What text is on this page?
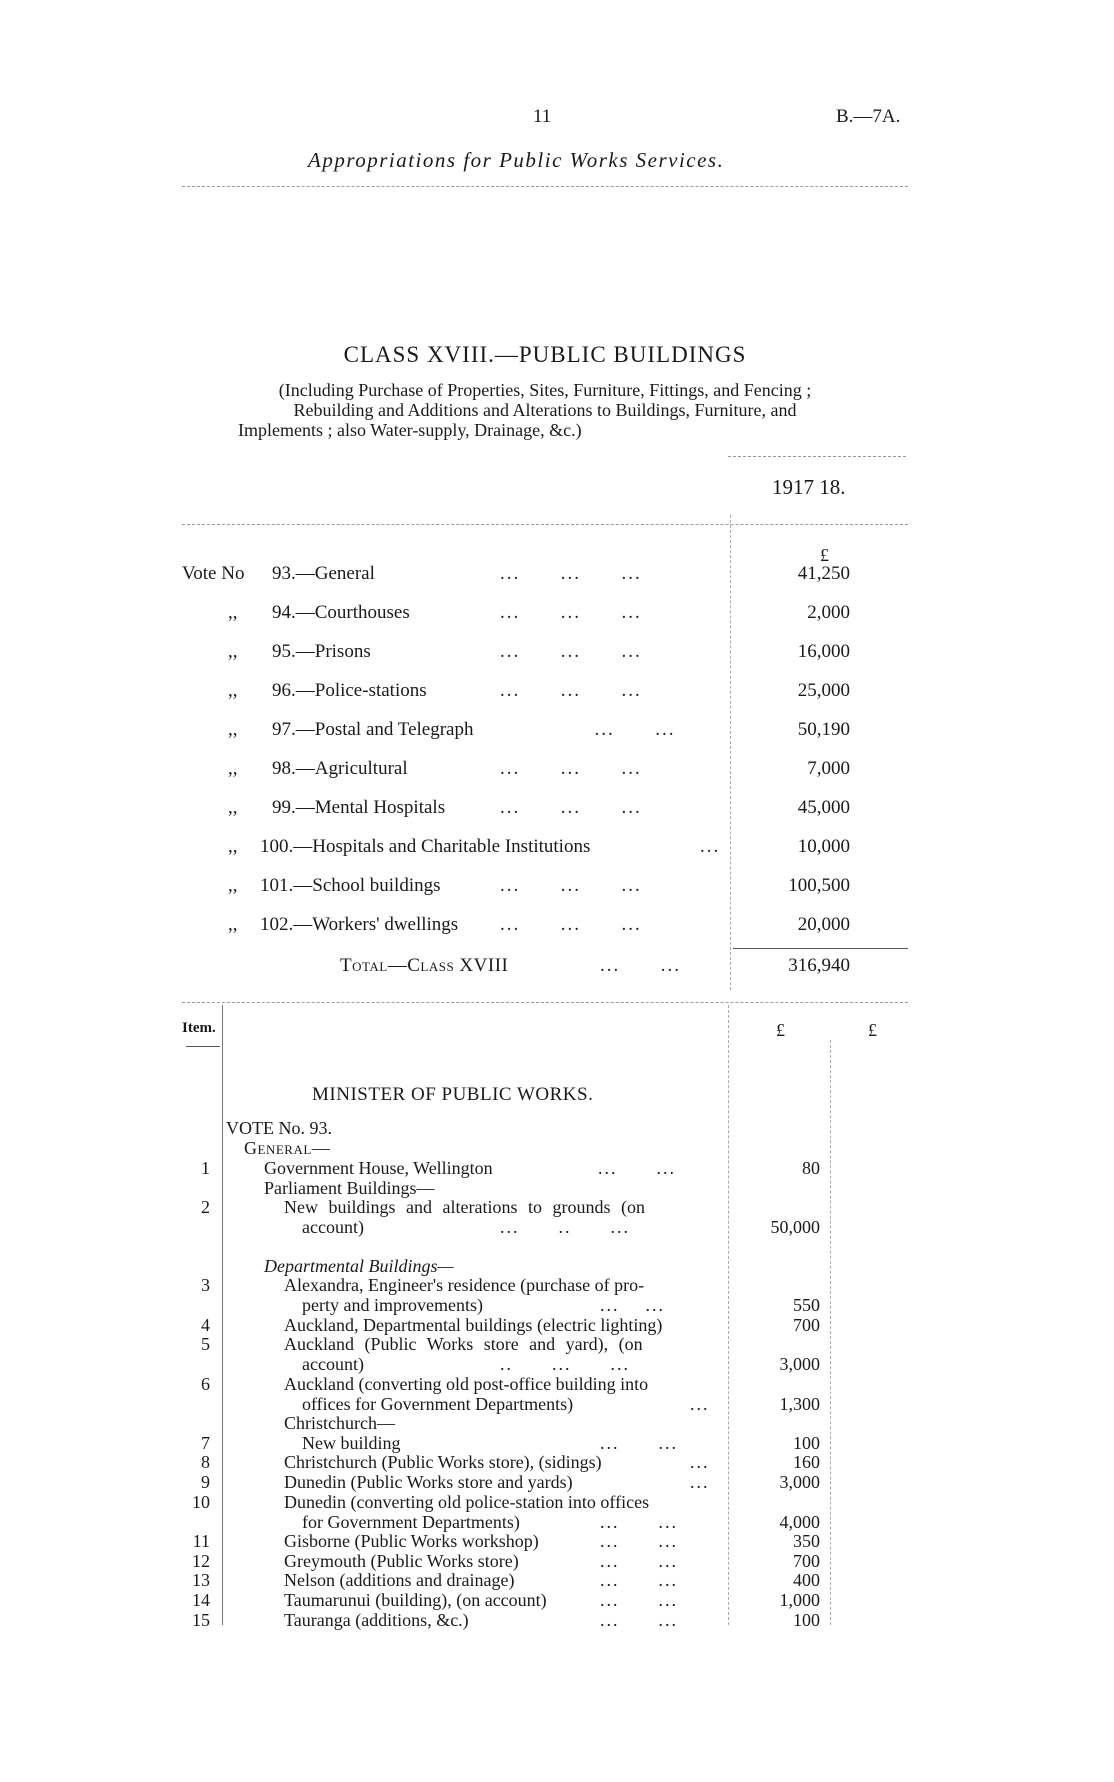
11	B.—7A.
Appropriations for Public Works Services.
CLASS XVIII.—PUBLIC BUILDINGS
(Including Purchase of Properties, Sites, Furniture, Fittings, and Fencing ;
Rebuilding and Additions and Alterations to Buildings, Furniture, and
Implements ; also Water-supply, Drainage, &c.)
1917 18.
£
Vote No 93.—General	...      ...      ...	41,250
,, 94.—Courthouses	...      ...      ...	2,000
,, 95.—Prisons	...      ...      ...	16,000
,, 96.—Police-stations	...      ...      ...	25,000
,, 97.—Postal and Telegraph ...      ...	50,190
,, 98.—Agricultural	...      ...      ...	7,000
,, 99.—Mental Hospitals	...      ...      ...	45,000
,, 100.—Hospitals and Charitable Institutions	...	10,000
,, 101.—School buildings	...      ...      ...	100,500
,, 102.—Workers' dwellings ...      ...      ...	20,000
Total—Class XVIII	...      ...	316,940
Item.	£	£
MINISTER OF PUBLIC WORKS.
VOTE No. 93.
General—
1	Government House, Wellington	...      ...	80
Parliament Buildings—
2	New buildings and alterations to grounds (on
account)	...      ..      ...	50,000
Departmental Buildings—
3	Alexandra, Engineer's residence (purchase of pro-
perty and improvements)	...    ...	550
4	Auckland, Departmental buildings (electric lighting)	700
5	Auckland (Public Works store and yard), (on
account)	..      ...      ...	3,000
6	Auckland (converting old post-office building into
offices for Government Departments)	...	1,300
Christchurch—
7	New building	...      ...	100
8	Christchurch (Public Works store), (sidings)	...	160
9	Dunedin (Public Works store and yards)	...	3,000
10	Dunedin (converting old police-station into offices
for Government Departments)	...      ...	4,000
11	Gisborne (Public Works workshop)	...      ...	350
12	Greymouth (Public Works store)	...      ...	700
13	Nelson (additions and drainage)	...      ...	400
14	Taumarunui (building), (on account)	...      ...	1,000
15	Tauranga (additions, &c.)	...      ...	100
